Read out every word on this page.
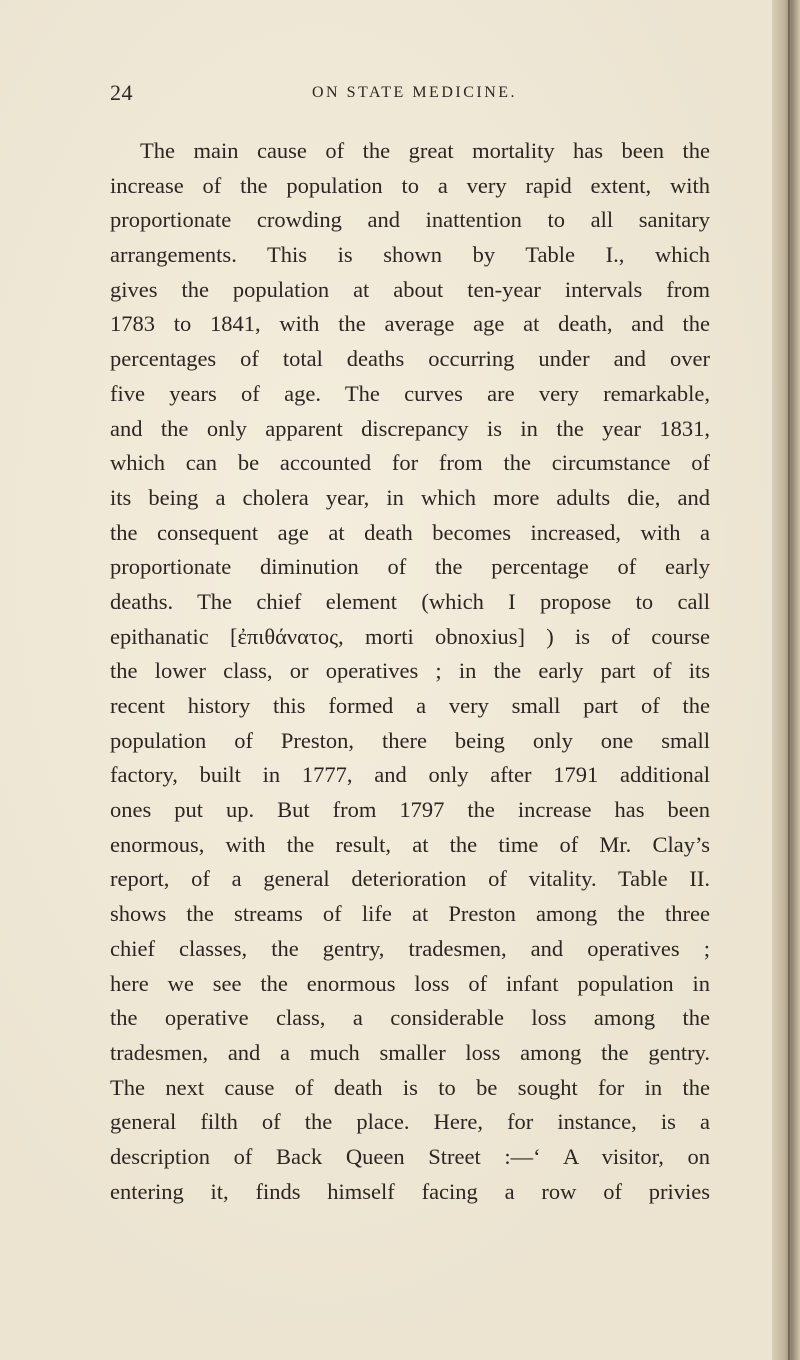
24	ON STATE MEDICINE.
The main cause of the great mortality has been the
increase of the population to a very rapid extent, with
proportionate crowding and inattention to all sanitary
arrangements. This is shown by Table I., which
gives the population at about ten-year intervals from
1783 to 1841, with the average age at death, and the
percentages of total deaths occurring under and over
five years of age. The curves are very remarkable,
and the only apparent discrepancy is in the year 1831,
which can be accounted for from the circumstance of
its being a cholera year, in which more adults die, and
the consequent age at death becomes increased, with a
proportionate diminution of the percentage of early
deaths. The chief element (which I propose to call
epithanatic [ἐπιθάνατος, morti obnoxius] ) is of course
the lower class, or operatives ; in the early part of its
recent history this formed a very small part of the
population of Preston, there being only one small
factory, built in 1777, and only after 1791 additional
ones put up. But from 1797 the increase has been
enormous, with the result, at the time of Mr. Clay’s
report, of a general deterioration of vitality. Table II.
shows the streams of life at Preston among the three
chief classes, the gentry, tradesmen, and operatives ;
here we see the enormous loss of infant population in
the operative class, a considerable loss among the
tradesmen, and a much smaller loss among the gentry.
The next cause of death is to be sought for in the
general filth of the place. Here, for instance, is a
description of Back Queen Street :—‘ A visitor, on
entering it, finds himself facing a row of privies
